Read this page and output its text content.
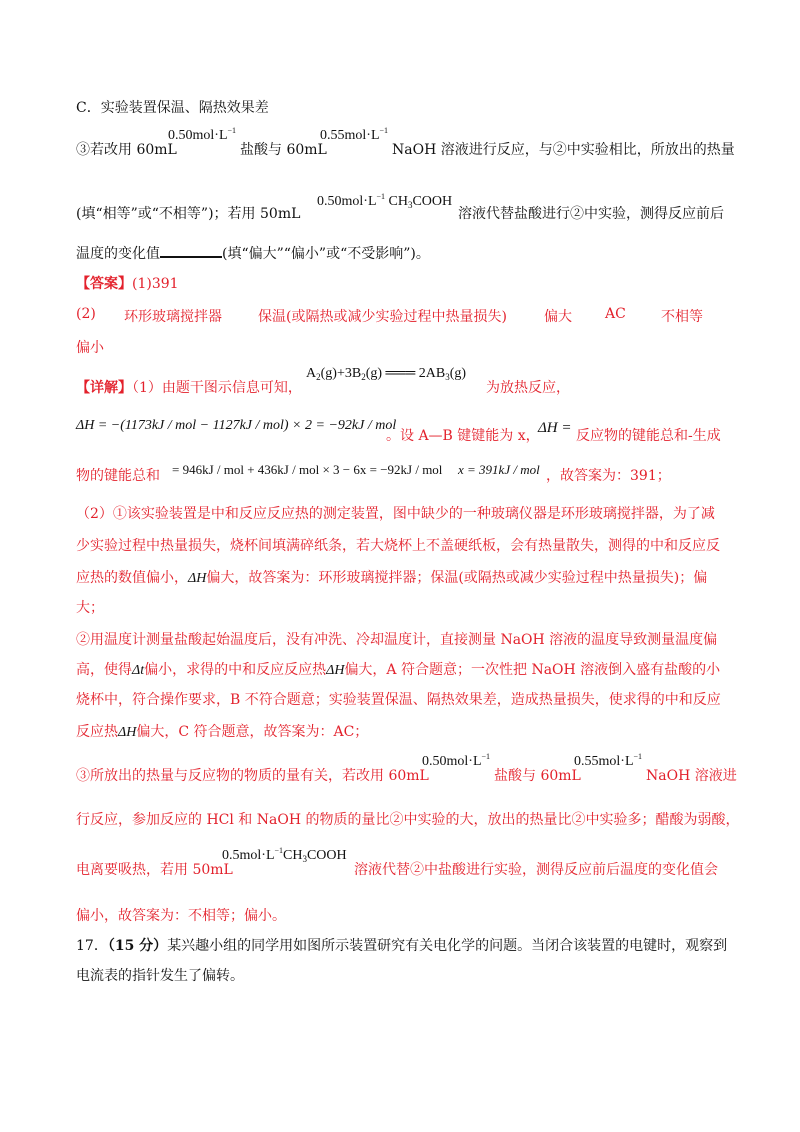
C．实验装置保温、隔热效果差
③若改用 60mL
$0.50mol\cdot L^{-1}$
盐酸与 60mL
$0.55mol\cdot L^{-1}$
NaOH 溶液进行反应，与②中实验相比，所放出的热量
(填“相等”或“不相等”)；若用 50mL
$0.50mol\cdot L^{-1}$ $CH_3COOH$
溶液代替盐酸进行②中实验，测得反应前后
温度的变化值	(填“偏大”“偏小”或“不受影响”)。
【答案】(1)391
(2) 环形玻璃搅拌器	保温(或隔热或减少实验过程中热量损失)	偏大 AC	不相等
偏小
【详解】（1）由题干图示信息可知，
$A_2(g)+3B_2(g)$ ═══ $2AB_3(g)$
为放热反应，
ΔH = −(1173kJ / mol − 1127kJ / mol) × 2 = −92kJ / mol
。设 A—B 键键能为 x，
ΔH = 反应物的键能总和-生成
物的键能总和 = 946kJ / mol + 436kJ / mol × 3 − 6x = −92kJ / mol x = 391kJ / mol ，故答案为：391；
（2）①该实验装置是中和反应反应热的测定装置，图中缺少的一种玻璃仪器是环形玻璃搅拌器，为了减
少实验过程中热量损失，烧杯间填满碎纸条，若大烧杯上不盖硬纸板，会有热量散失，测得的中和反应反
应热的数值偏小，ΔH偏大，故答案为：环形玻璃搅拌器；保温(或隔热或减少实验过程中热量损失)；偏
大；
②用温度计测量盐酸起始温度后，没有冲洗、冷却温度计，直接测量 NaOH 溶液的温度导致测量温度偏
高，使得Δt偏小，求得的中和反应反应热ΔH偏大，A 符合题意；一次性把 NaOH 溶液倒入盛有盐酸的小
烧杯中，符合操作要求，B 不符合题意；实验装置保温、隔热效果差，造成热量损失，使求得的中和反应
反应热ΔH偏大，C 符合题意，故答案为：AC；
③所放出的热量与反应物的物质的量有关，若改用 60mL
$0.50mol\cdot L^{-1}$
盐酸与 60mL
$0.55mol\cdot L^{-1}$
NaOH 溶液进
行反应，参加反应的 HCl 和 NaOH 的物质的量比②中实验的大，放出的热量比②中实验多；醋酸为弱酸，
电离要吸热，若用 50mL
$0.5mol\cdot L^{-1}CH_3COOH$
溶液代替②中盐酸进行实验，测得反应前后温度的变化值会
偏小，故答案为：不相等；偏小。
17．（15 分）某兴趣小组的同学用如图所示装置研究有关电化学的问题。当闭合该装置的电键时，观察到
电流表的指针发生了偏转。
